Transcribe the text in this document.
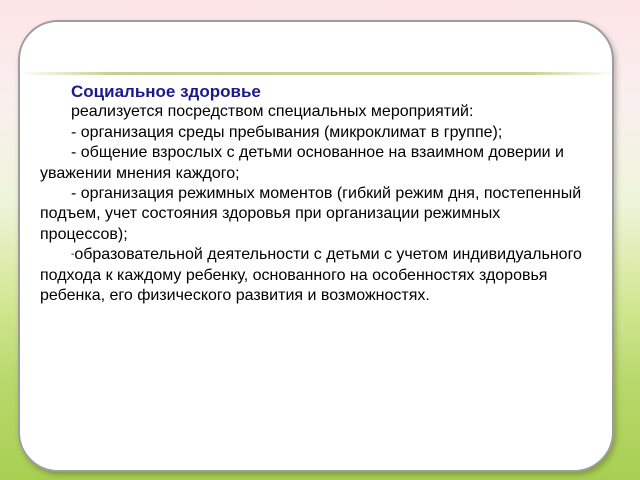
Социальное здоровье

реализуется посредством специальных мероприятий:

- организация среды пребывания (микроклимат в группе);

- общение взрослых с детьми основанное на взаимном доверии и уважении мнения каждого;

- организация режимных моментов (гибкий режим дня, постепенный подъем, учет состояния здоровья при организации режимных процессов);

-образовательной деятельности с детьми с учетом индивидуального подхода к каждому ребенку, основанного на особенностях здоровья ребенка, его физического развития и возможностях.
